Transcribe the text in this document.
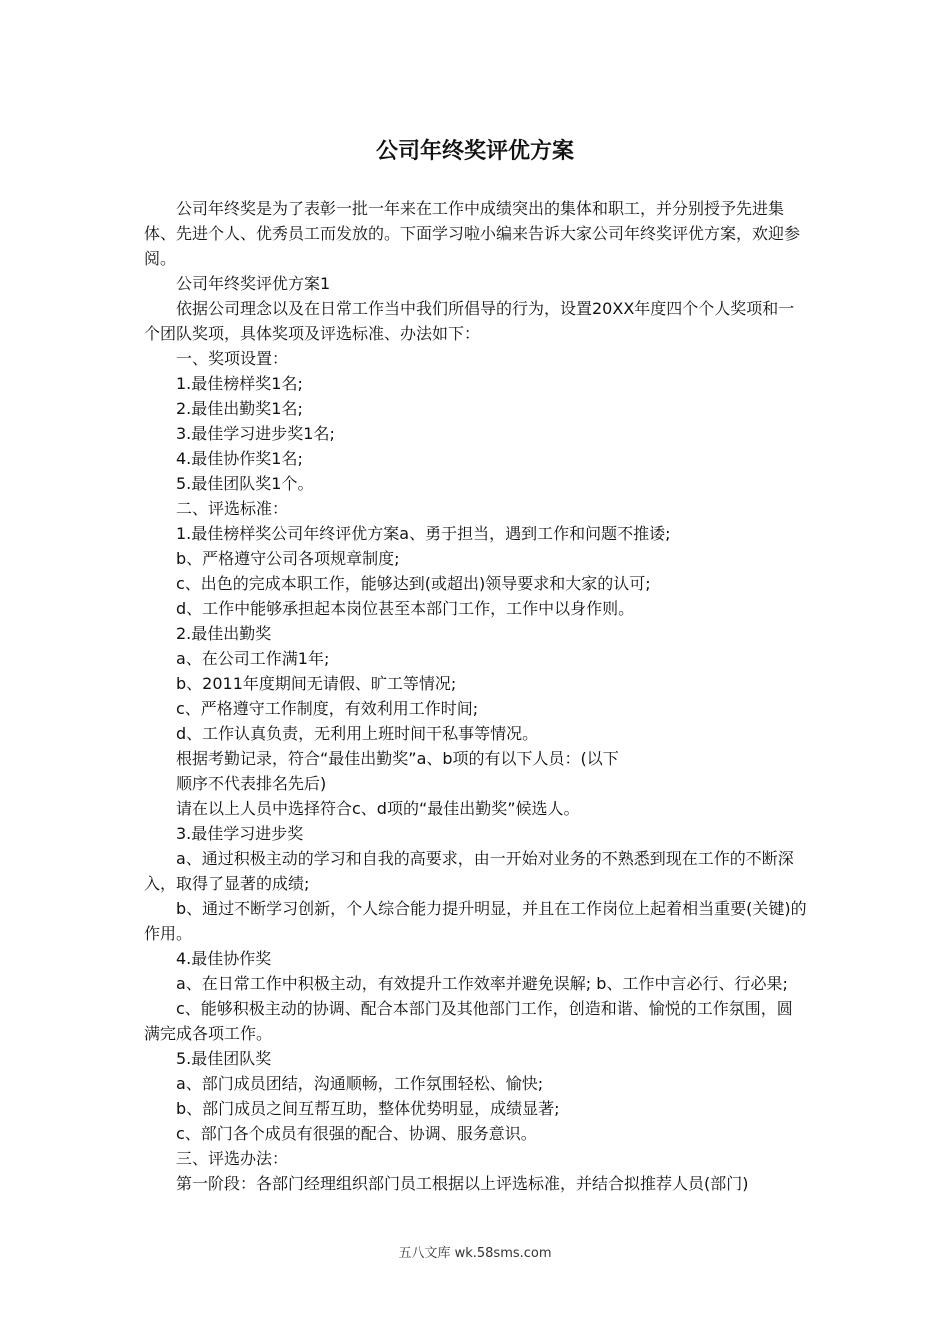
公司年终奖评优方案

公司年终奖是为了表彰一批一年来在工作中成绩突出的集体和职工，并分别授予先进集体、先进个人、优秀员工而发放的。下面学习啦小编来告诉大家公司年终奖评优方案，欢迎参阅。

公司年终奖评优方案1

依据公司理念以及在日常工作当中我们所倡导的行为，设置20XX年度四个个人奖项和一个团队奖项，具体奖项及评选标准、办法如下：

一、奖项设置：

1.最佳榜样奖1名;

2.最佳出勤奖1名;

3.最佳学习进步奖1名;

4.最佳协作奖1名;

5.最佳团队奖1个。

二、评选标准：

1.最佳榜样奖公司年终评优方案a、勇于担当，遇到工作和问题不推诿;

b、严格遵守公司各项规章制度;

c、出色的完成本职工作，能够达到(或超出)领导要求和大家的认可;

d、工作中能够承担起本岗位甚至本部门工作，工作中以身作则。

2.最佳出勤奖

a、在公司工作满1年;

b、2011年度期间无请假、旷工等情况;

c、严格遵守工作制度，有效利用工作时间;

d、工作认真负责，无利用上班时间干私事等情况。

根据考勤记录，符合“最佳出勤奖”a、b项的有以下人员：(以下

顺序不代表排名先后)

请在以上人员中选择符合c、d项的“最佳出勤奖”候选人。

3.最佳学习进步奖

a、通过积极主动的学习和自我的高要求，由一开始对业务的不熟悉到现在工作的不断深入，取得了显著的成绩;

b、通过不断学习创新，个人综合能力提升明显，并且在工作岗位上起着相当重要(关键)的作用。

4.最佳协作奖

a、在日常工作中积极主动，有效提升工作效率并避免误解; b、工作中言必行、行必果;

c、能够积极主动的协调、配合本部门及其他部门工作，创造和谐、愉悦的工作氛围，圆满完成各项工作。

5.最佳团队奖

a、部门成员团结，沟通顺畅，工作氛围轻松、愉快;

b、部门成员之间互帮互助，整体优势明显，成绩显著;

c、部门各个成员有很强的配合、协调、服务意识。

三、评选办法：

第一阶段：各部门经理组织部门员工根据以上评选标准，并结合拟推荐人员(部门)

五八文库 wk.58sms.com
